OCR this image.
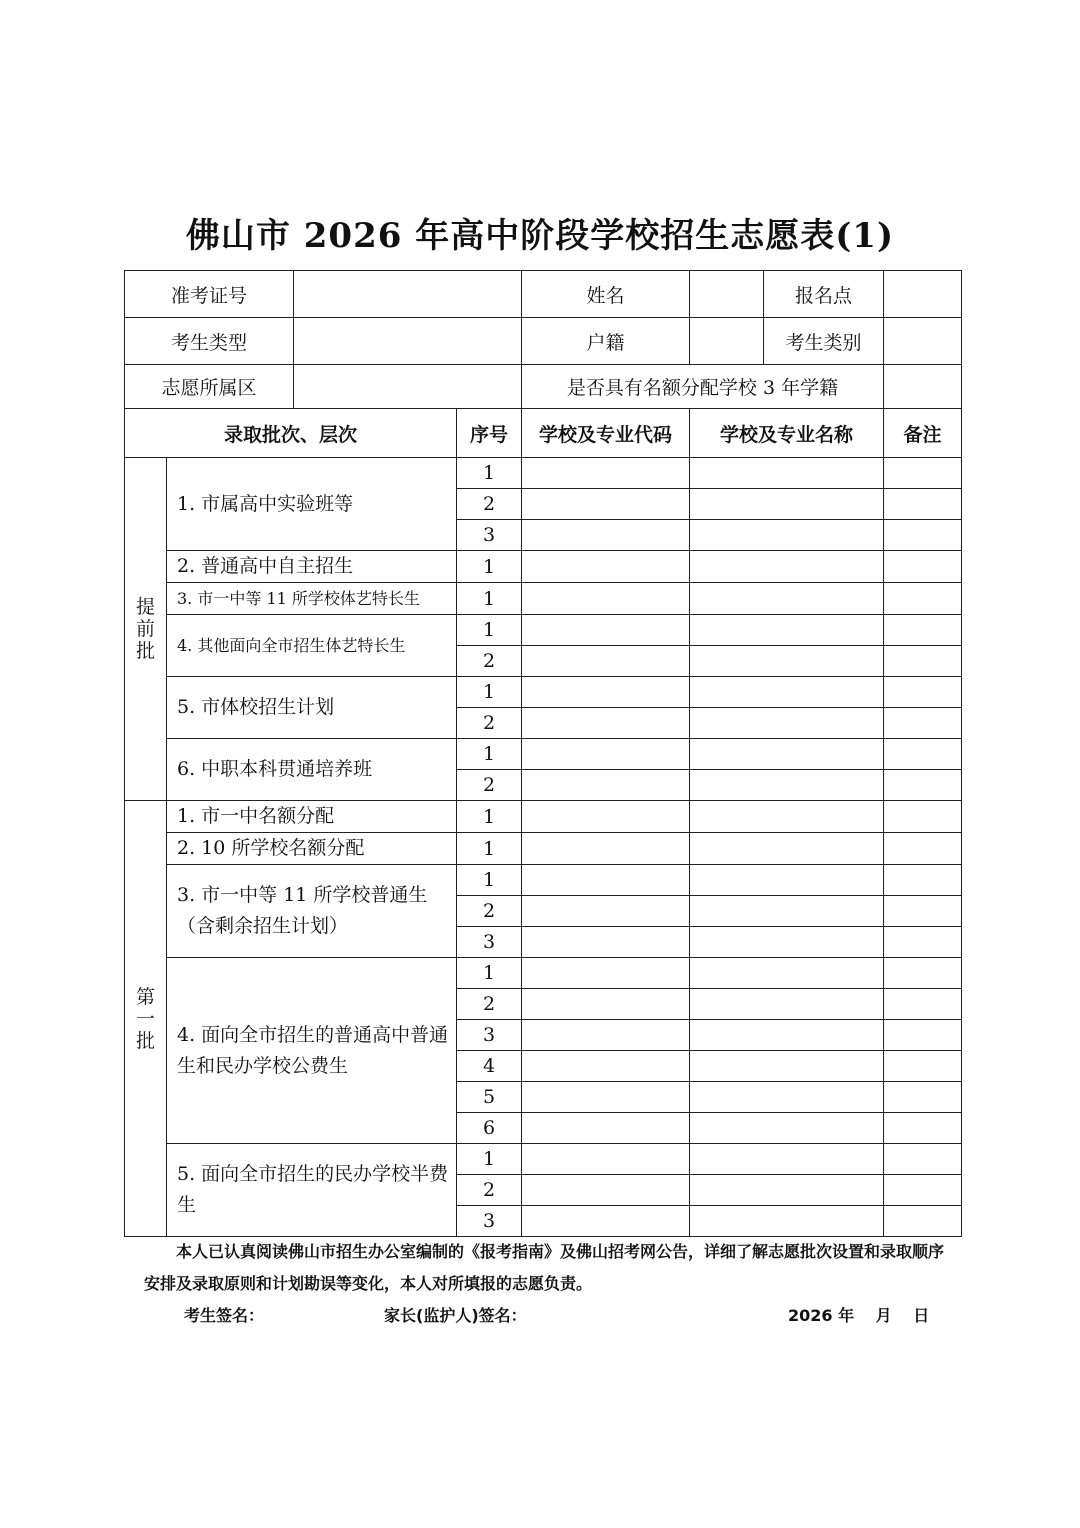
佛山市 2026 年高中阶段学校招生志愿表(1)
准考证号				姓名		报名点	
考生类型				户籍		考生类别	
志愿所属区				是否具有名额分配学校 3 年学籍			
录取批次、层次			序号	学校及专业代码	学校及专业名称		备注

提
前
批	1. 市属高中实验班等		1				
			2				
			3				
	2. 普通高中自主招生		1				
	3. 市一中等 11 所学校体艺特长生		1				
	4. 其他面向全市招生体艺特长生		1				
			2				
	5. 市体校招生计划		1				
			2				
	6. 中职本科贯通培养班		1				
			2				

第
一
批	1. 市一中名额分配		1				
	2. 10 所学校名额分配		1				
	3. 市一中等 11 所学校普通生（含剩余招生计划）		1				
			2				
			3				
	4. 面向全市招生的普通高中普通生和民办学校公费生		1				
			2				
			3				
			4				
			5				
			6				
	5. 面向全市招生的民办学校半费生		1				
			2				
			3				
本人已认真阅读佛山市招生办公室编制的《报考指南》及佛山招考网公告，详细了解志愿批次设置和录取顺序安排及录取原则和计划勘误等变化，本人对所填报的志愿负责。
考生签名：	家长(监护人)签名：	2026 年　 月　 日
